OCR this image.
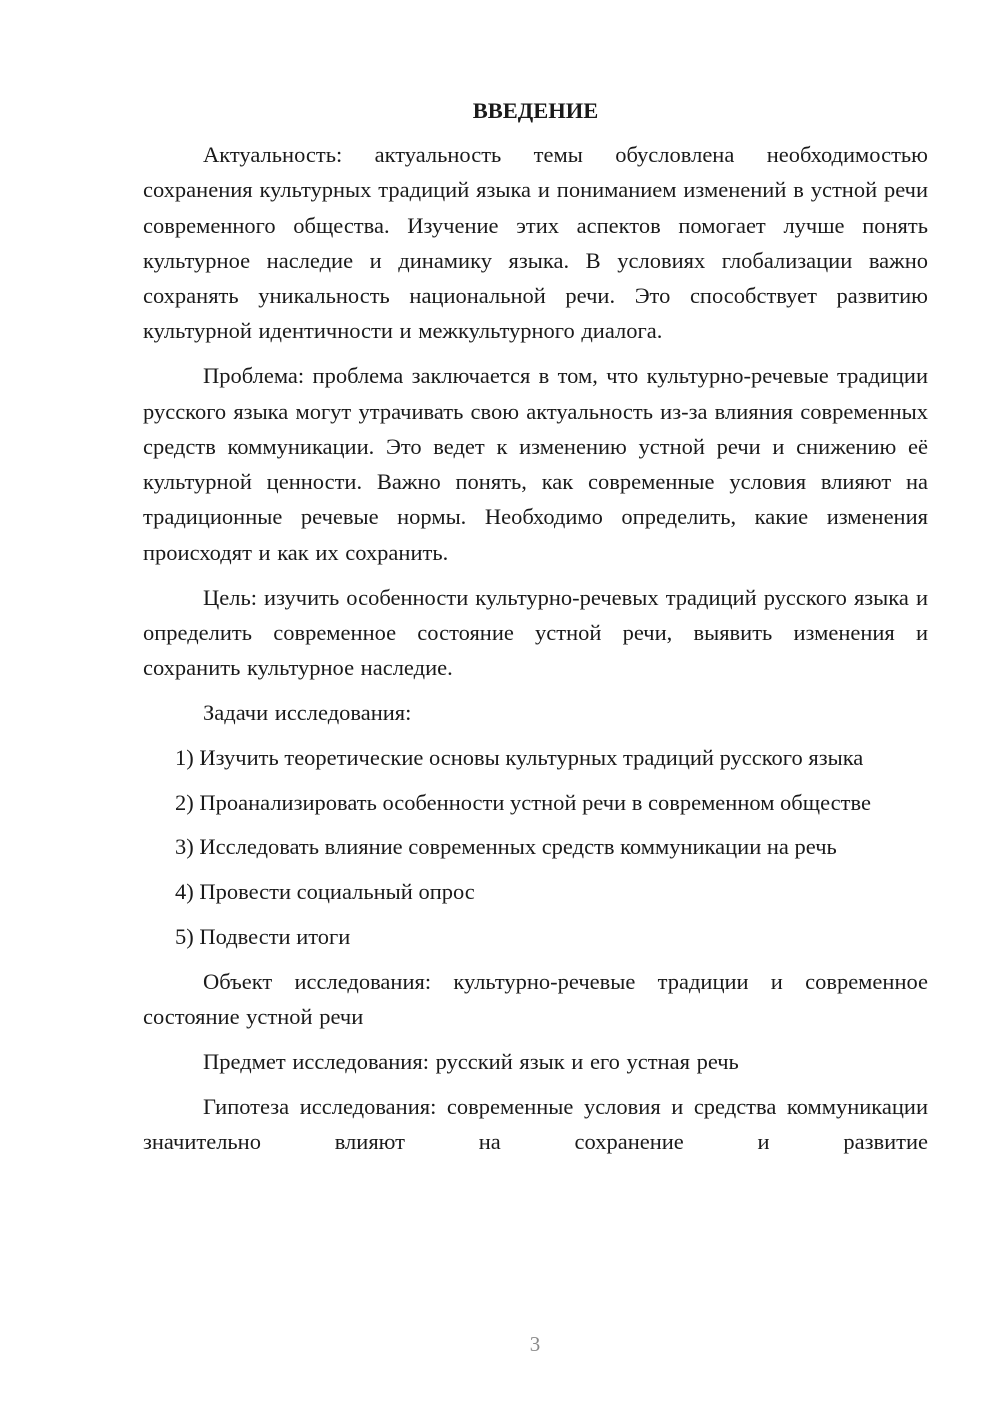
ВВЕДЕНИЕ

Актуальность: актуальность темы обусловлена необходимостью сохранения культурных традиций языка и пониманием изменений в устной речи современного общества. Изучение этих аспектов помогает лучше понять культурное наследие и динамику языка. В условиях глобализации важно сохранять уникальность национальной речи. Это способствует развитию культурной идентичности и межкультурного диалога.

Проблема: проблема заключается в том, что культурно-речевые традиции русского языка могут утрачивать свою актуальность из-за влияния современных средств коммуникации. Это ведет к изменению устной речи и снижению её культурной ценности. Важно понять, как современные условия влияют на традиционные речевые нормы. Необходимо определить, какие изменения происходят и как их сохранить.

Цель: изучить особенности культурно-речевых традиций русского языка и определить современное состояние устной речи, выявить изменения и сохранить культурное наследие.

Задачи исследования:

1) Изучить теоретические основы культурных традиций русского языка

2) Проанализировать особенности устной речи в современном обществе

3) Исследовать влияние современных средств коммуникации на речь

4) Провести социальный опрос

5) Подвести итоги

Объект исследования: культурно-речевые традиции и современное состояние устной речи

Предмет исследования: русский язык и его устная речь

Гипотеза исследования: современные условия и средства коммуникации значительно влияют на сохранение и развитие

3
